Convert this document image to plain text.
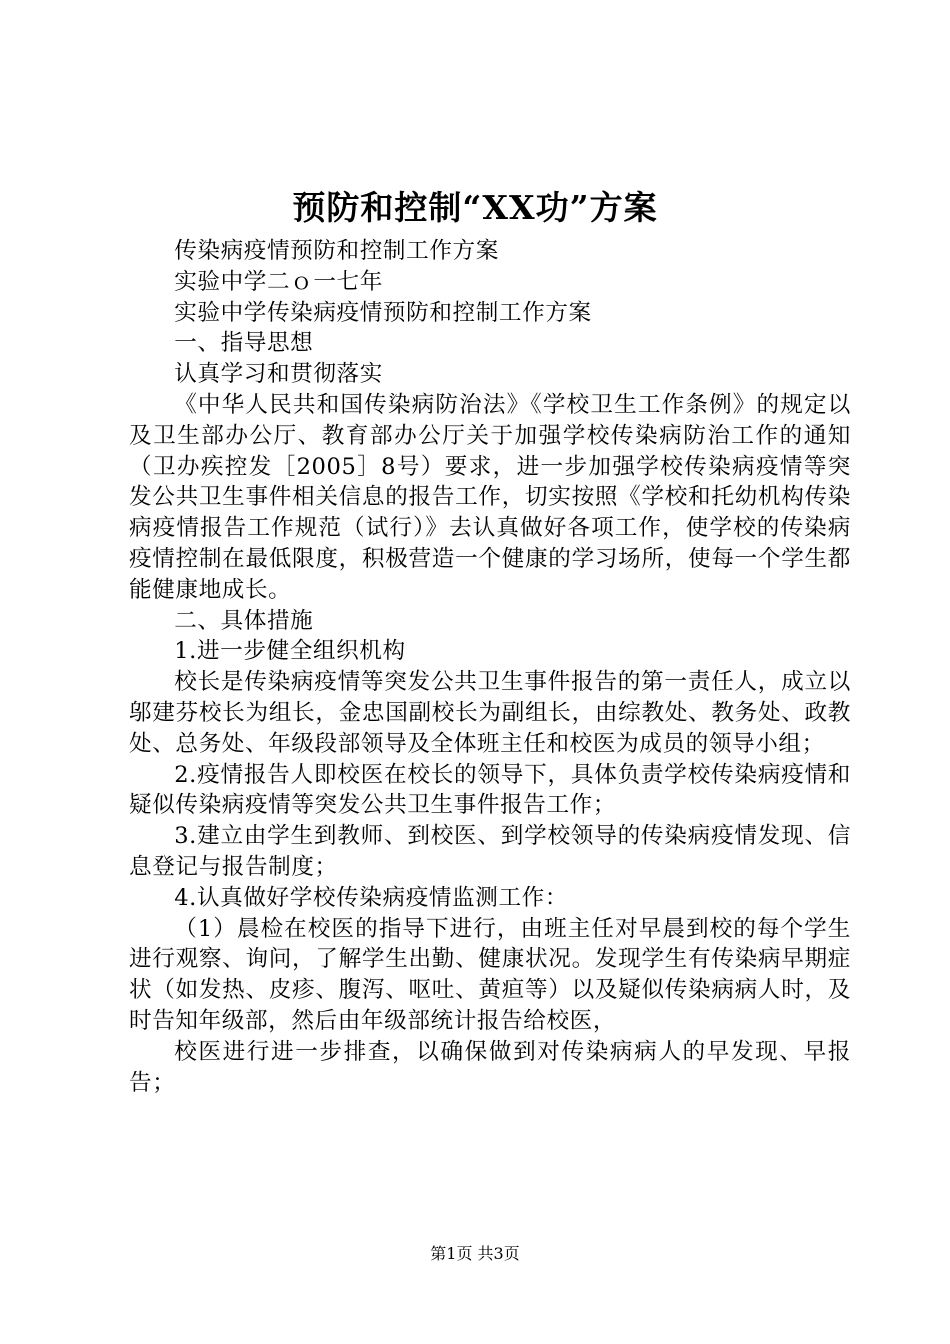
预防和控制“XX功”方案

传染病疫情预防和控制工作方案

实验中学二ｏ一七年

实验中学传染病疫情预防和控制工作方案

一、指导思想

认真学习和贯彻落实

《中华人民共和国传染病防治法》《学校卫生工作条例》的规定以及卫生部办公厅、教育部办公厅关于加强学校传染病防治工作的通知（卫办疾控发［2005］8号）要求，进一步加强学校传染病疫情等突发公共卫生事件相关信息的报告工作，切实按照《学校和托幼机构传染病疫情报告工作规范（试行）》去认真做好各项工作，使学校的传染病疫情控制在最低限度，积极营造一个健康的学习场所，使每一个学生都能健康地成长。

二、具体措施

1.进一步健全组织机构

校长是传染病疫情等突发公共卫生事件报告的第一责任人，成立以邬建芬校长为组长，金忠国副校长为副组长，由综教处、教务处、政教处、总务处、年级段部领导及全体班主任和校医为成员的领导小组；

2.疫情报告人即校医在校长的领导下，具体负责学校传染病疫情和疑似传染病疫情等突发公共卫生事件报告工作；

3.建立由学生到教师、到校医、到学校领导的传染病疫情发现、信息登记与报告制度；

4.认真做好学校传染病疫情监测工作：

（1）晨检在校医的指导下进行，由班主任对早晨到校的每个学生进行观察、询问，了解学生出勤、健康状况。发现学生有传染病早期症状（如发热、皮疹、腹泻、呕吐、黄疸等）以及疑似传染病病人时，及时告知年级部，然后由年级部统计报告给校医，

校医进行进一步排查，以确保做到对传染病病人的早发现、早报告；

第1页 共3页
